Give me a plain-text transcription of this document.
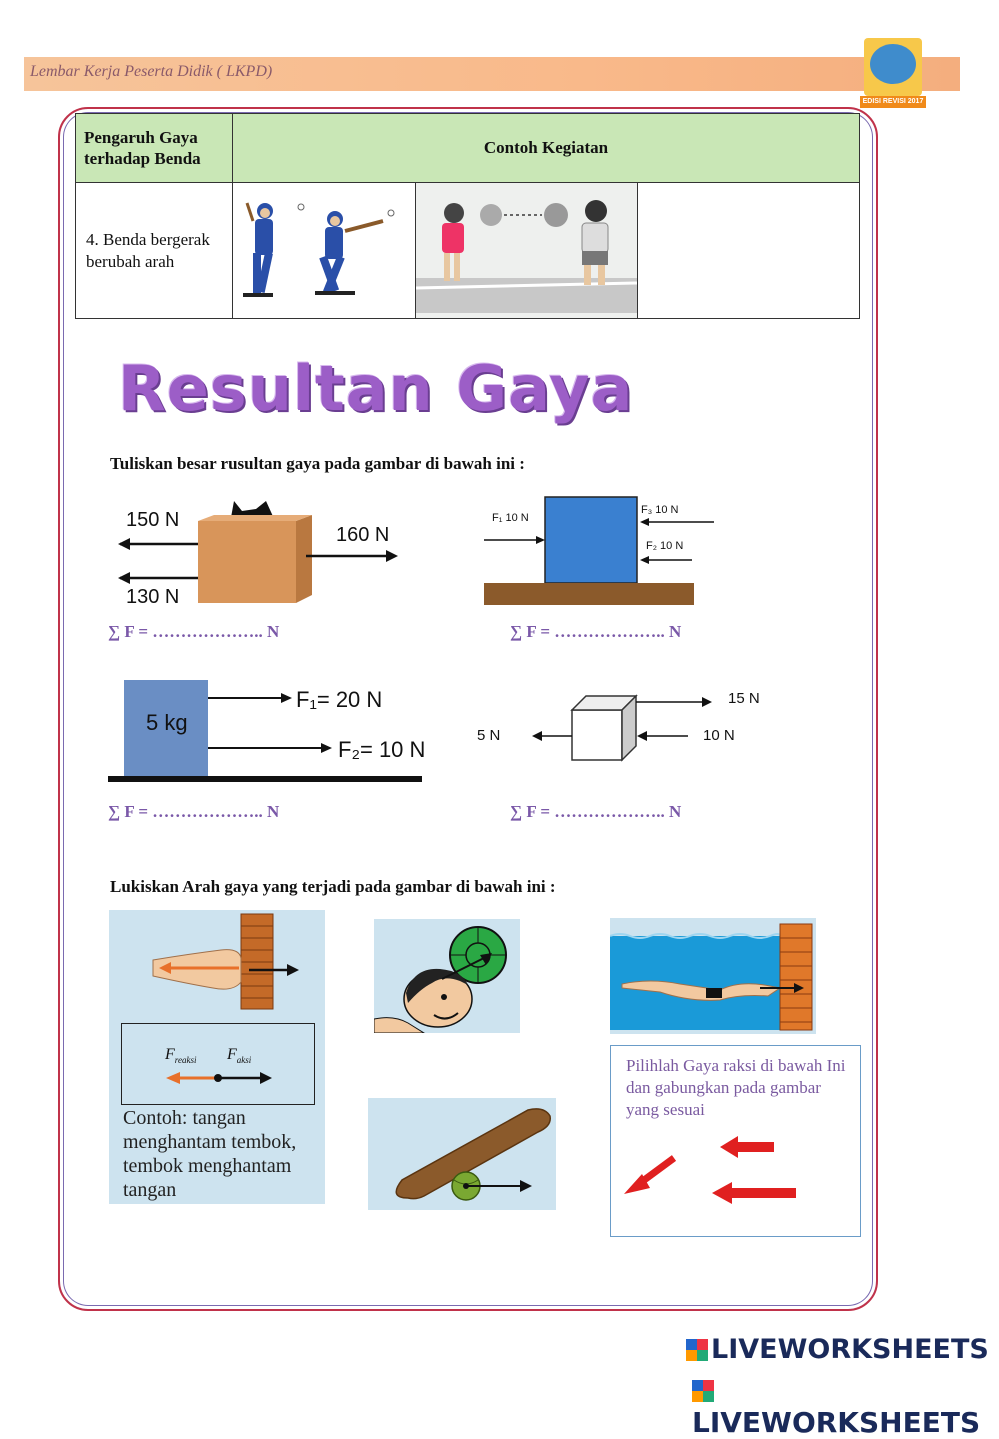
Lembar Kerja Peserta Didik ( LKPD)
EDISI REVISI 2017
Pengaruh Gaya terhadap Benda	Contoh Kegiatan		
4. Benda bergerak berubah arah			
Resultan Gaya
Tuliskan besar rusultan gaya pada gambar di bawah ini :
150 N
130 N
160 N
∑ F = ……………….. N
F₁ 10 N
F₃ 10 N
F₂ 10 N
∑ F = ……………….. N
5 kg
F₁= 20 N
F₂= 10 N
∑ F = ……………….. N
15 N
10 N
5 N
∑ F = ……………….. N
Lukiskan Arah gaya yang terjadi pada gambar di bawah ini :
$F_{reaksi}$ $F_{aksi}$
Contoh: tangan menghantam tembok, tembok menghantam tangan
Pilihlah Gaya raksi di bawah Ini dan gabungkan pada gambar yang sesuai
LIVEWORKSHEETS
LIVEWORKSHEETS
